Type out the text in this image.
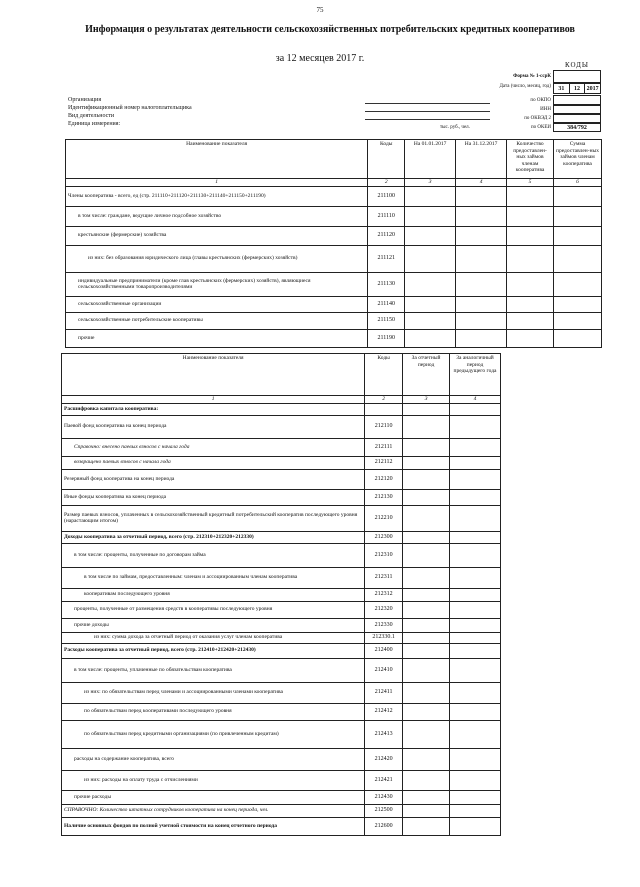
75
Информация о результатах деятельности сельскохозяйственных потребительских кредитных кооперативов
за 12 месяцев 2017 г.
КОДЫ
Форма № 1-сcpК
Дата (число, месяц, год)	31	12	2017
по ОКПО
ИНН
по ОКВЭД 2
по ОКЕИ	384/792
Организация
Идентификационный номер налогоплательщика
Вид деятельности
Единица измерения:
тыс. руб., чел.
Наименование показателя	Коды	На 01.01.2017	На 31.12.2017	Количество предоставлен-ных займов членам кооператива	Сумма предоставлен-ных займов членам кооператива
1	2	3	4	5	6
Члены кооператива - всего, ед (стр. 211110+211120+211130+211140+211150+211190)	211100				
в том числе: граждане, ведущие личное подсобное хозяйство	211110				
крестьянские (фермерские) хозяйства	211120				
из них: без образования юридического лица (главы крестьянских (фермерских) хозяйств)	211121				
индивидуальные предприниматели (кроме глав крестьянских (фермерских) хозяйств), являющиеся сельскохозяйственными товаропроизводителями	211130				
сельскохозяйственные организации	211140				
сельскохозяйственные потребительские кооперативы	211150				
прочие	211190				
Наименование показателя	Коды	За отчетный период	За аналогичный период предыдущего года
1	2	3	4
Расшифровка капитала кооператива:			
Паевой фонд кооператива на конец периода	212110		
Справочно: внесено паевых взносов с начала года	212111		
возвращено паевых взносов с начала года	212112		
Резервный фонд кооператива на конец периода	212120		
Иные фонды кооператива на конец периода	212130		
Размер паевых взносов, уплаченных в сельскохозяйственный кредитный потребительский кооператив последующего уровня (нарастающим итогом)	212210		
Доходы кооператива за отчетный период, всего (стр. 212310+212320+212330)	212300		
в том числе: проценты, полученные по договорам займа	212310		
в том числе по займам, предоставленным: членам и ассоциированным членам кооператива	212311		
кооперативам последующего уровня	212312		
проценты, полученные от размещения средств в кооперативы последующего уровня	212320		
прочие доходы	212330		
из них: сумма дохода за отчетный период от оказания услуг членам кооператива	212330.1		
Расходы кооператива за отчетный период, всего (стр. 212410+212420+212430)	212400		
в том числе: проценты, уплаченные по обязательствам кооператива	212410		
из них: по обязательствам перед членами и ассоциированными членами кооператива	212411		
по обязательствам перед кооперативами последующего уровня	212412		
по обязательствам перед кредитными организациями (по привлеченным кредитам)	212413		
расходы на содержание кооператива, всего	212420		
из них: расходы на оплату труда с отчислениями	212421		
прочие расходы	212430		
СПРАВОЧНО: Количество штатных сотрудников кооператива на конец периода, чел.	212500		
Наличие основных фондов по полной учетной стоимости на конец отчетного периода	212600		
